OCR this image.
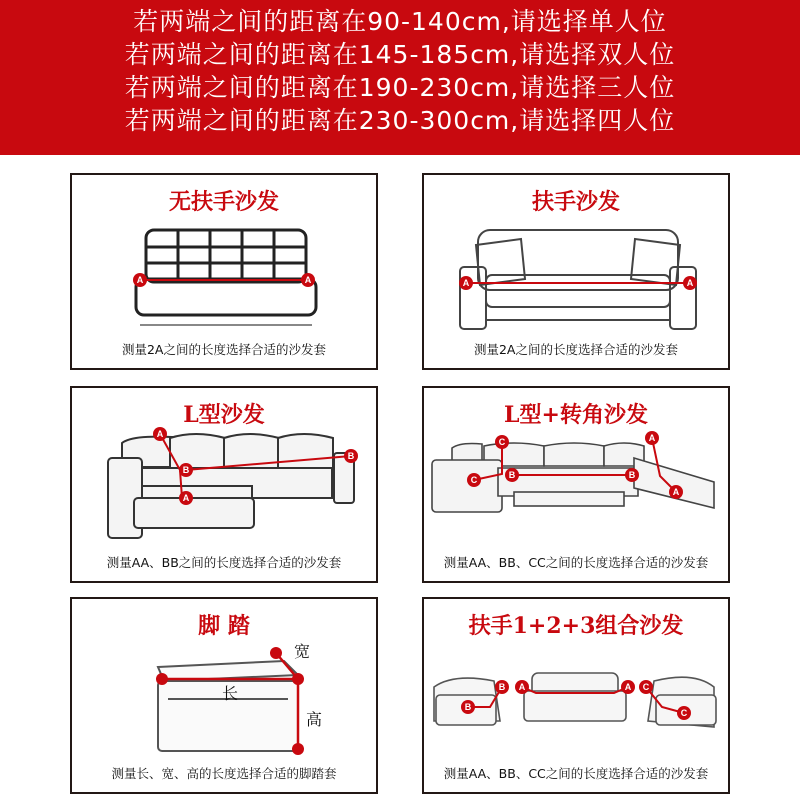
若两端之间的距离在90-140cm,请选择单人位
若两端之间的距离在145-185cm,请选择双人位
若两端之间的距离在190-230cm,请选择三人位
若两端之间的距离在230-300cm,请选择四人位
无扶手沙发
A	A
测量2A之间的长度选择合适的沙发套
扶手沙发
A	A
测量2A之间的长度选择合适的沙发套
L型沙发
A
A
B
B
测量AA、BB之间的长度选择合适的沙发套
L型+转角沙发
C
C	B	B
A
A
测量AA、BB、CC之间的长度选择合适的沙发套
脚 踏
宽
长
高
测量长、宽、高的长度选择合适的脚踏套
扶手1+2+3组合沙发
B
B
A	A C
C
测量AA、BB、CC之间的长度选择合适的沙发套
